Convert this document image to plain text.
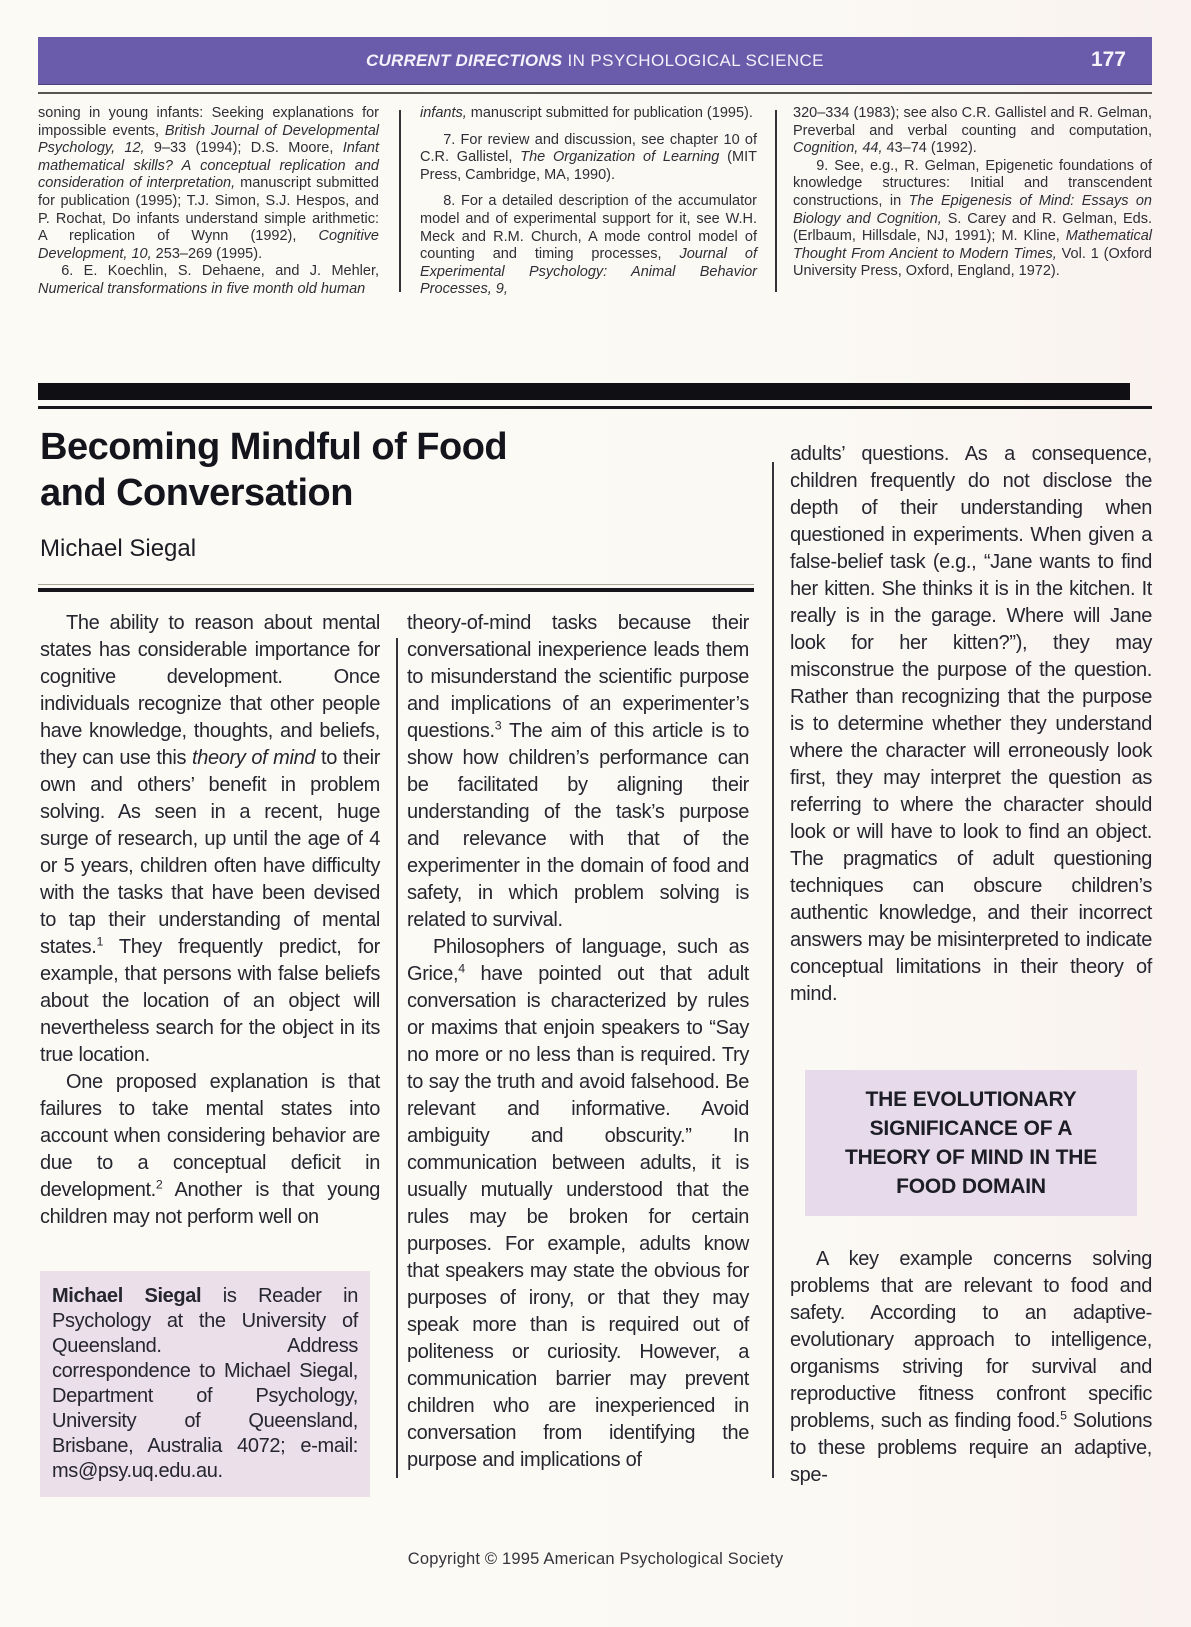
CURRENT DIRECTIONS IN PSYCHOLOGICAL SCIENCE	177

soning in young infants: Seeking explanations for impossible events, British Journal of Developmental Psychology, 12, 9–33 (1994); D.S. Moore, Infant mathematical skills? A conceptual replication and consideration of interpretation, manuscript submitted for publication (1995); T.J. Simon, S.J. Hespos, and P. Rochat, Do infants understand simple arithmetic: A replication of Wynn (1992), Cognitive Development, 10, 253–269 (1995).

6. E. Koechlin, S. Dehaene, and J. Mehler, Numerical transformations in five month old human

infants, manuscript submitted for publication (1995).

7. For review and discussion, see chapter 10 of C.R. Gallistel, The Organization of Learning (MIT Press, Cambridge, MA, 1990).

8. For a detailed description of the accumulator model and of experimental support for it, see W.H. Meck and R.M. Church, A mode control model of counting and timing processes, Journal of Experimental Psychology: Animal Behavior Processes, 9,

320–334 (1983); see also C.R. Gallistel and R. Gelman, Preverbal and verbal counting and computation, Cognition, 44, 43–74 (1992).

9. See, e.g., R. Gelman, Epigenetic foundations of knowledge structures: Initial and transcendent constructions, in The Epigenesis of Mind: Essays on Biology and Cognition, S. Carey and R. Gelman, Eds. (Erlbaum, Hillsdale, NJ, 1991); M. Kline, Mathematical Thought From Ancient to Modern Times, Vol. 1 (Oxford University Press, Oxford, England, 1972).

Becoming Mindful of Food
and Conversation
Michael Siegal

The ability to reason about mental states has considerable importance for cognitive development. Once individuals recognize that other people have knowledge, thoughts, and beliefs, they can use this theory of mind to their own and others’ benefit in problem solving. As seen in a recent, huge surge of research, up until the age of 4 or 5 years, children often have difficulty with the tasks that have been devised to tap their understanding of mental states.$^1$ They frequently predict, for example, that persons with false beliefs about the location of an object will nevertheless search for the object in its true location.

One proposed explanation is that failures to take mental states into account when considering behavior are due to a conceptual deficit in development.$^2$ Another is that young children may not perform well on

Michael Siegal is Reader in Psychology at the University of Queensland. Address correspondence to Michael Siegal, Department of Psychology, University of Queensland, Brisbane, Australia 4072; e-mail: ms@psy.uq.edu.au.

theory-of-mind tasks because their conversational inexperience leads them to misunderstand the scientific purpose and implications of an experimenter’s questions.$^3$ The aim of this article is to show how children’s performance can be facilitated by aligning their understanding of the task’s purpose and relevance with that of the experimenter in the domain of food and safety, in which problem solving is related to survival.

Philosophers of language, such as Grice,$^4$ have pointed out that adult conversation is characterized by rules or maxims that enjoin speakers to “Say no more or no less than is required. Try to say the truth and avoid falsehood. Be relevant and informative. Avoid ambiguity and obscurity.” In communication between adults, it is usually mutually understood that the rules may be broken for certain purposes. For example, adults know that speakers may state the obvious for purposes of irony, or that they may speak more than is required out of politeness or curiosity. However, a communication barrier may prevent children who are inexperienced in conversation from identifying the purpose and implications of

adults’ questions. As a consequence, children frequently do not disclose the depth of their understanding when questioned in experiments. When given a false-belief task (e.g., “Jane wants to find her kitten. She thinks it is in the kitchen. It really is in the garage. Where will Jane look for her kitten?”), they may misconstrue the purpose of the question. Rather than recognizing that the purpose is to determine whether they understand where the character will erroneously look first, they may interpret the question as referring to where the character should look or will have to look to find an object. The pragmatics of adult questioning techniques can obscure children’s authentic knowledge, and their incorrect answers may be misinterpreted to indicate conceptual limitations in their theory of mind.

THE EVOLUTIONARY
SIGNIFICANCE OF A
THEORY OF MIND IN THE
FOOD DOMAIN

A key example concerns solving problems that are relevant to food and safety. According to an adaptive-evolutionary approach to intelligence, organisms striving for survival and reproductive fitness confront specific problems, such as finding food.$^5$ Solutions to these problems require an adaptive, spe-

Copyright © 1995 American Psychological Society
